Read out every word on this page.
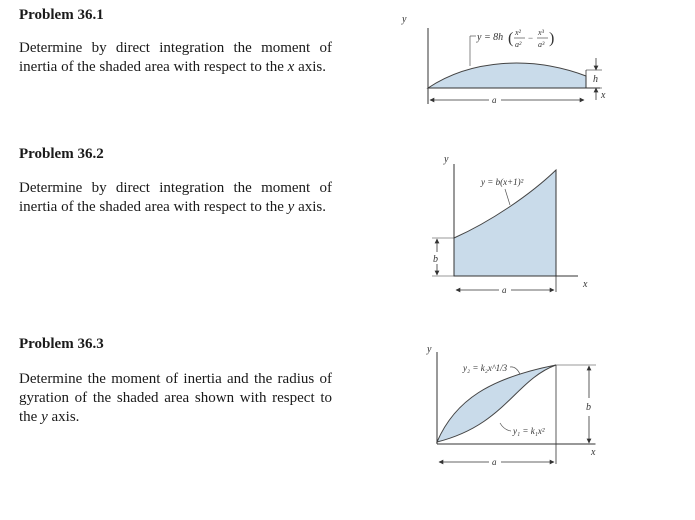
Problem 36.1

Determine by direct integration the moment of inertia of the shaded area with respect to the x axis.

Problem 36.2

Determine by direct integration the moment of inertia of the shaded area with respect to the y axis.

Problem 36.3

Determine the moment of inertia and the radius of gyration of the shaded area shown with respect to the y axis.

y
x
y = 8h ( x²
a²
−
x³
a³ )
a
h
y
x
y = b(x+1)²
b
a
y
x
y₂ = k₂x^1/3
y₁ = k₁x²
b
a
